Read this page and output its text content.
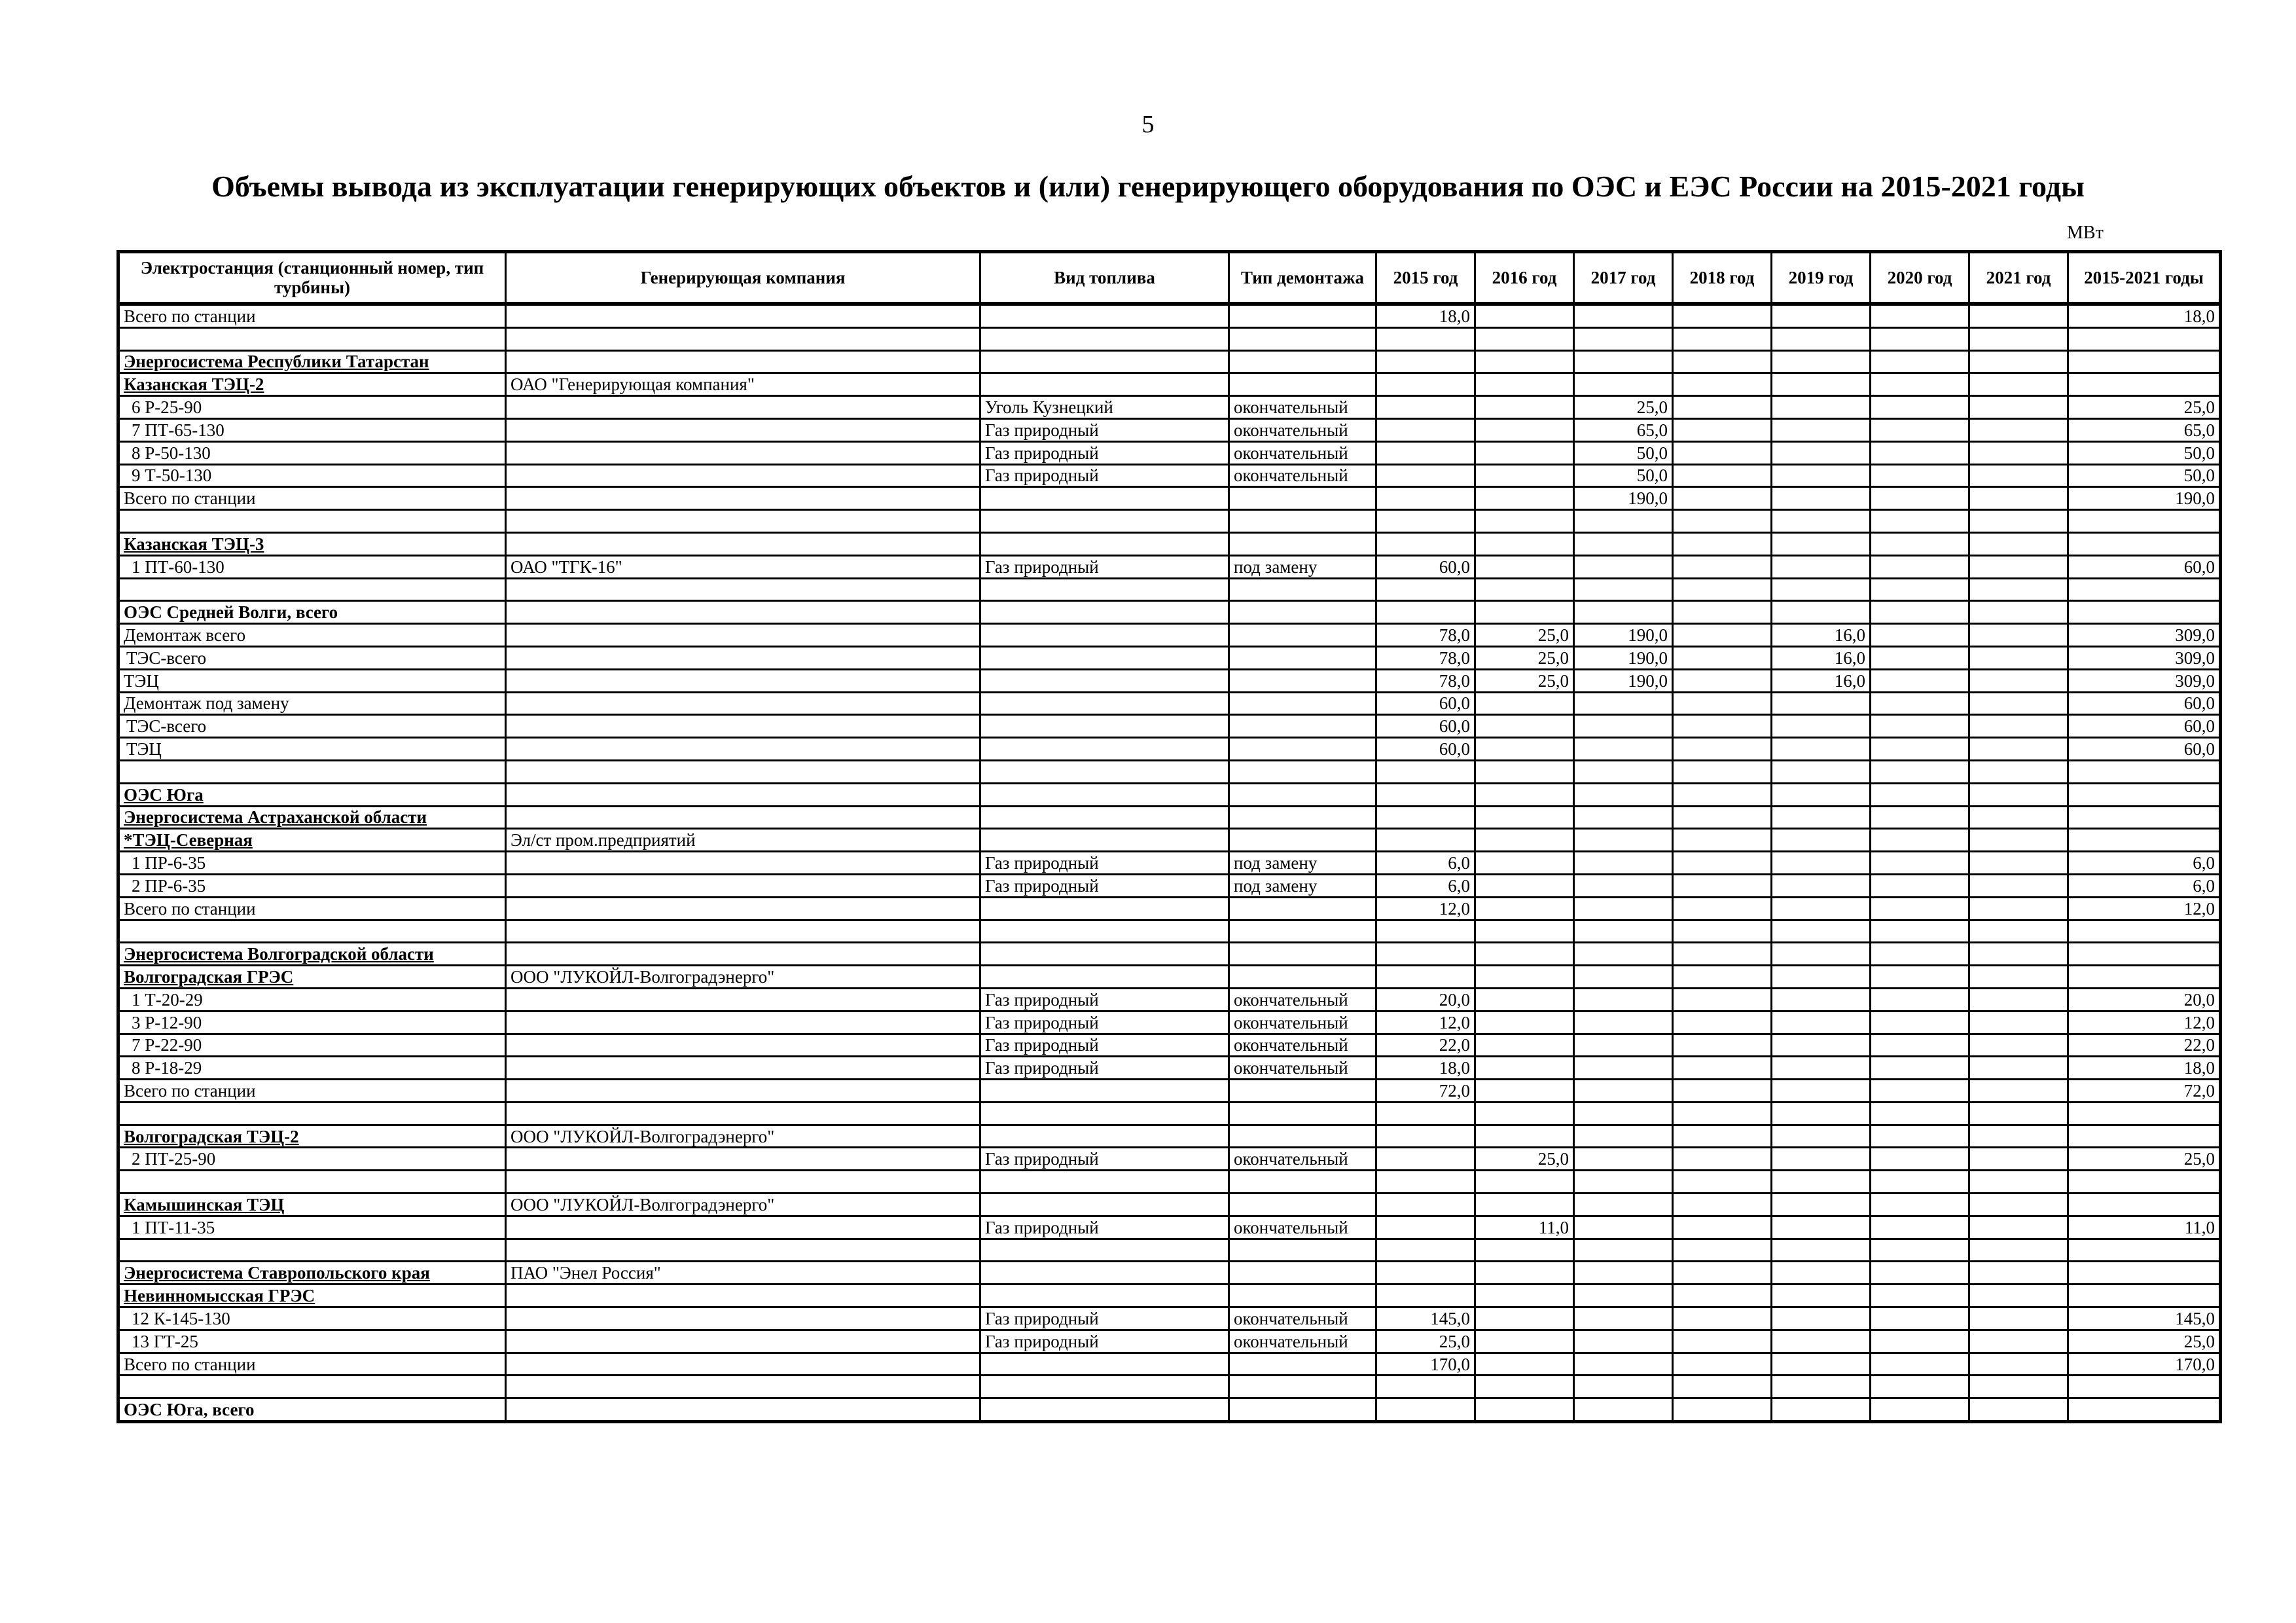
5
Объемы вывода из эксплуатации генерирующих объектов и (или) генерирующего оборудования по ОЭС и ЕЭС России на 2015-2021 годы
МВт
Электростанция (станционный номер, тип турбины)	Генерирующая компания	Вид топлива	Тип демонтажа	2015 год	2016 год	2017 год	2018 год	2019 год	2020 год	2021 год	2015-2021 годы
Всего по станции				18,0							18,0

Энергосистема Республики Татарстан											
Казанская ТЭЦ-2	ОАО "Генерирующая компания"										
6 Р-25-90		Уголь Кузнецкий	окончательный			25,0					25,0
7 ПТ-65-130		Газ природный	окончательный			65,0					65,0
8 Р-50-130		Газ природный	окончательный			50,0					50,0
9 Т-50-130		Газ природный	окончательный			50,0					50,0
Всего по станции						190,0					190,0

Казанская ТЭЦ-3											
1 ПТ-60-130	ОАО "ТГК-16"	Газ природный	под замену	60,0							60,0

ОЭС Средней Волги, всего											
Демонтаж всего				78,0	25,0	190,0		16,0			309,0
ТЭС-всего				78,0	25,0	190,0		16,0			309,0
ТЭЦ				78,0	25,0	190,0		16,0			309,0
Демонтаж под замену				60,0							60,0
ТЭС-всего				60,0							60,0
ТЭЦ				60,0							60,0

ОЭС Юга											
Энергосистема Астраханской области											
*ТЭЦ-Северная	Эл/ст пром.предприятий										
1 ПР-6-35		Газ природный	под замену	6,0							6,0
2 ПР-6-35		Газ природный	под замену	6,0							6,0
Всего по станции				12,0							12,0

Энергосистема Волгоградской области											
Волгоградская ГРЭС	ООО "ЛУКОЙЛ-Волгоградэнерго"										
1 Т-20-29		Газ природный	окончательный	20,0							20,0
3 Р-12-90		Газ природный	окончательный	12,0							12,0
7 Р-22-90		Газ природный	окончательный	22,0							22,0
8 Р-18-29		Газ природный	окончательный	18,0							18,0
Всего по станции				72,0							72,0

Волгоградская ТЭЦ-2	ООО "ЛУКОЙЛ-Волгоградэнерго"										
2 ПТ-25-90		Газ природный	окончательный		25,0						25,0

Камышинская ТЭЦ	ООО "ЛУКОЙЛ-Волгоградэнерго"										
1 ПТ-11-35		Газ природный	окончательный		11,0						11,0

Энергосистема Ставропольского края	ПАО "Энел Россия"										
Невинномысская ГРЭС											
12 К-145-130		Газ природный	окончательный	145,0							145,0
13 ГТ-25		Газ природный	окончательный	25,0							25,0
Всего по станции				170,0							170,0

ОЭС Юга, всего											
